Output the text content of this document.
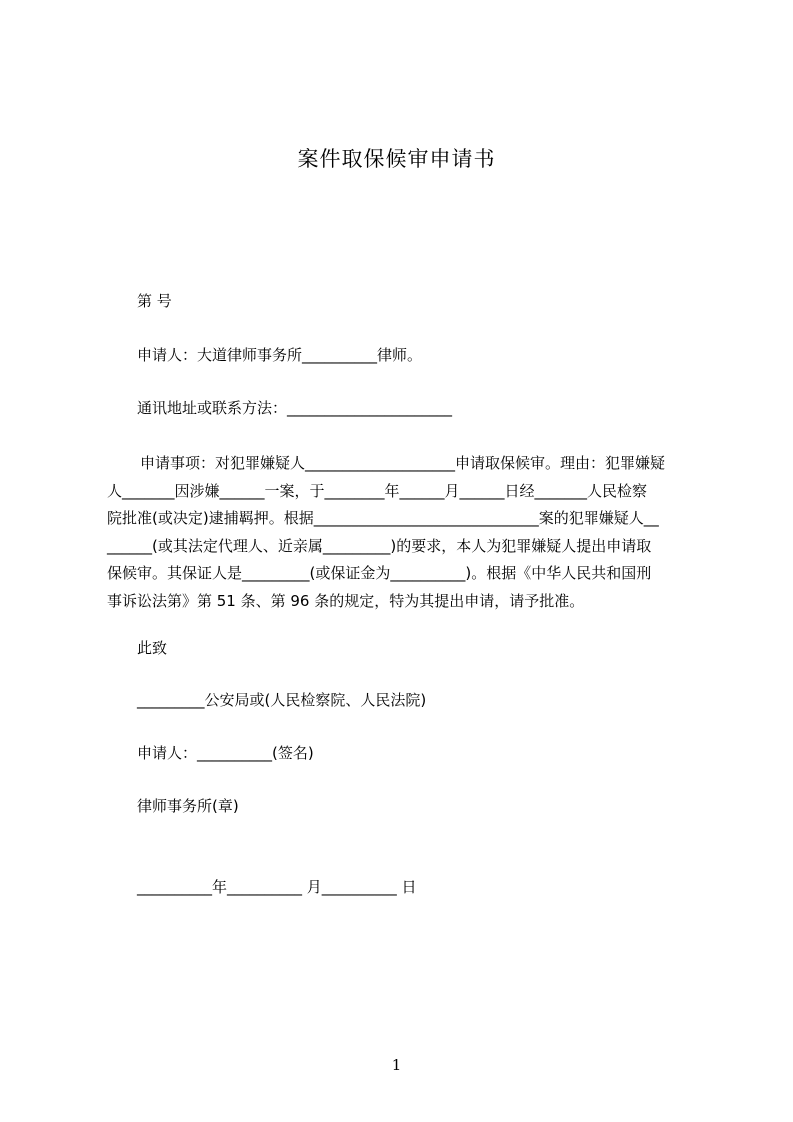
案件取保候审申请书
第 号
申请人：大道律师事务所__________律师。
通讯地址或联系方法：______________________
申请事项：对犯罪嫌疑人____________________申请取保候审。理由：犯罪嫌疑
人_______因涉嫌______一案，于________年______月______日经_______人民检察
院批准(或决定)逮捕羁押。根据______________________________案的犯罪嫌疑人__
______(或其法定代理人、近亲属_________)的要求，本人为犯罪嫌疑人提出申请取
保候审。其保证人是_________(或保证金为__________)。根据《中华人民共和国刑
事诉讼法第》第 51 条、第 96 条的规定，特为其提出申请，请予批准。
此致
_________公安局或(人民检察院、人民法院)
申请人：__________(签名)
律师事务所(章)
__________年__________ 月__________ 日
1
